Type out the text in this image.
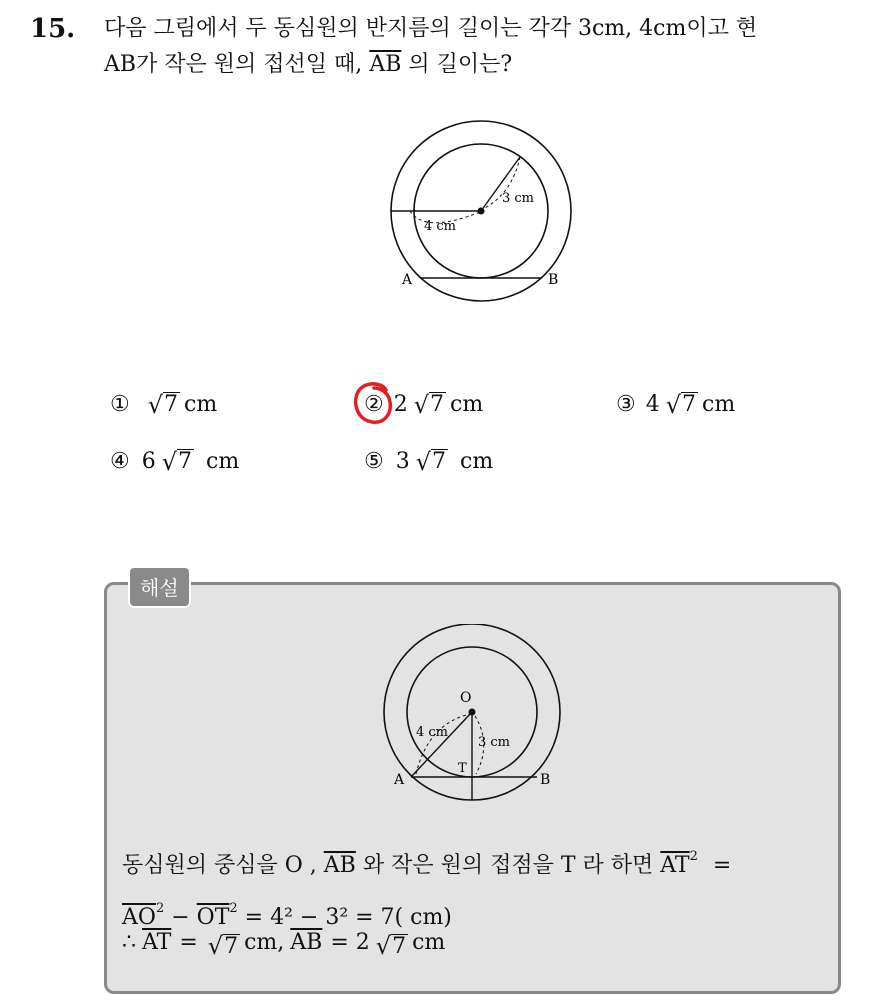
15. 다음 그림에서 두 동심원의 반지름의 길이는 각각 3cm, 4cm이고 현
AB가 작은 원의 접선일 때, $\overline{AB}$ 의 길이는?
3 cm
4 cm
A	B
① √ 7 cm	② 2 √ 7 cm	③ 4 √ 7 cm
④ 6 √ 7 cm	⑤ 3 √ 7 cm
해설
O
4 cm
3 cm
T
A	B
동심원의 중심을 O , $\overline{AB}$ 와 작은 원의 접점을 T 라 하면 $\overline{AT}^2$ =
$\overline{AO}^2 - \overline{OT}^2 = 4^2 - 3^2 = 7$( cm)
∴ $\overline{AT}$ = √ 7 cm, $\overline{AB} = 2$ √ 7 cm
